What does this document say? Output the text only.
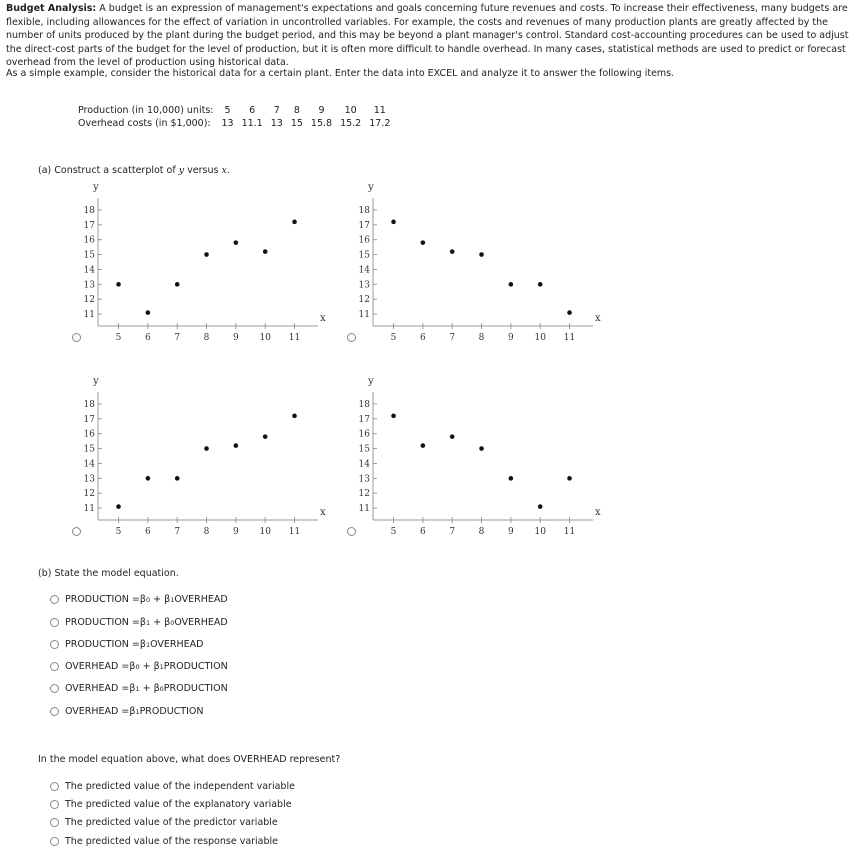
Budget Analysis: A budget is an expression of management's expectations and goals concerning future revenues and costs. To increase their effectiveness, many budgets are flexible, including allowances for the effect of variation in uncontrolled variables. For example, the costs and revenues of many production plants are greatly affected by the number of units produced by the plant during the budget period, and this may be beyond a plant manager's control. Standard cost-accounting procedures can be used to adjust the direct-cost parts of the budget for the level of production, but it is often more difficult to handle overhead. In many cases, statistical methods are used to predict or forecast overhead from the level of production using historical data.
As a simple example, consider the historical data for a certain plant. Enter the data into EXCEL and analyze it to answer the following items.
Production (in 10,000) units:	5	6	7	8	9	10	11
Overhead costs (in $1,000):	13	11.1	13	15	15.8	15.2	17.2
(a) Construct a scatterplot of y versus x.
5	6	7	8	9 10 11
11
12
13
14
15
16
17
18
y
x
5	6	7	8	9 10 11
11
12
13
14
15
16
17
18
y
x
5	6	7	8	9 10 11
11
12
13
14
15
16
17
18
y
x
5	6	7	8	9 10 11
11
12
13
14
15
16
17
18
y
x
(b) State the model equation.
PRODUCTION = β 0 + β 1 OVERHEAD
PRODUCTION = β 1 + β 0 OVERHEAD
PRODUCTION = β 1 OVERHEAD
OVERHEAD = β 0 + β 1 PRODUCTION
OVERHEAD = β 1 + β 0 PRODUCTION
OVERHEAD = β 1 PRODUCTION
In the model equation above, what does OVERHEAD represent?
The predicted value of the independent variable
The predicted value of the explanatory variable
The predicted value of the predictor variable
The predicted value of the response variable
